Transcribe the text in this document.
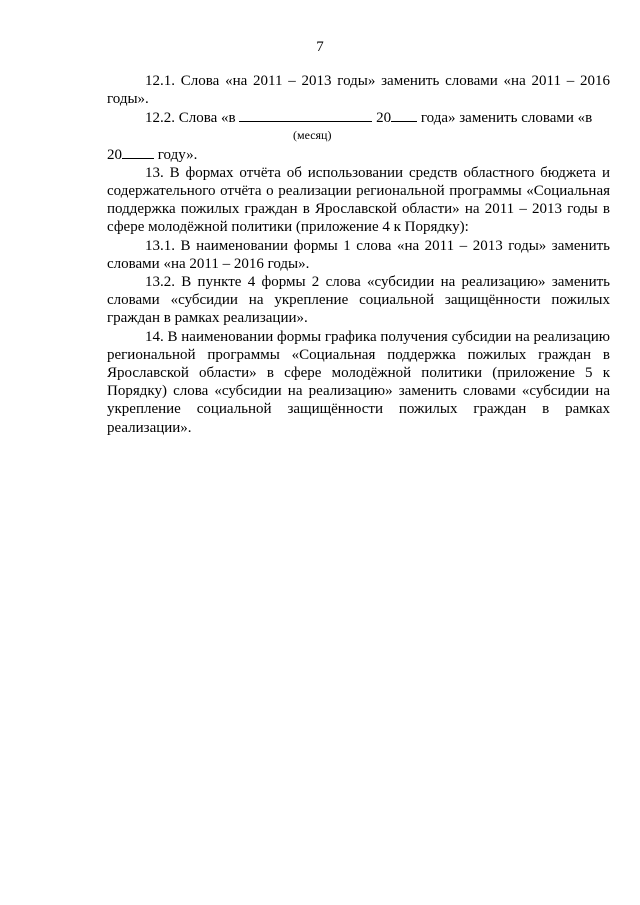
7

12.1. Слова «на 2011 – 2013 годы» заменить словами «на 2011 – 2016 годы».

12.2. Слова «в	20 года» заменить словами «в

(месяц)

20 году».

13. В формах отчёта об использовании средств областного бюджета и содержательного отчёта о реализации региональной программы «Социальная поддержка пожилых граждан в Ярославской области» на 2011 – 2013 годы в сфере молодёжной политики (приложение 4 к Порядку):

13.1. В наименовании формы 1 слова «на 2011 – 2013 годы» заменить словами «на 2011 – 2016 годы».

13.2. В пункте 4 формы 2 слова «субсидии на реализацию» заменить словами «субсидии на укрепление социальной защищённости пожилых граждан в рамках реализации».

14. В наименовании формы графика получения субсидии на реализацию региональной программы «Социальная поддержка пожилых граждан в Ярославской области» в сфере молодёжной политики (приложение 5 к Порядку) слова «субсидии на реализацию» заменить словами «субсидии на укрепление социальной защищённости пожилых граждан в рамках реализации».
